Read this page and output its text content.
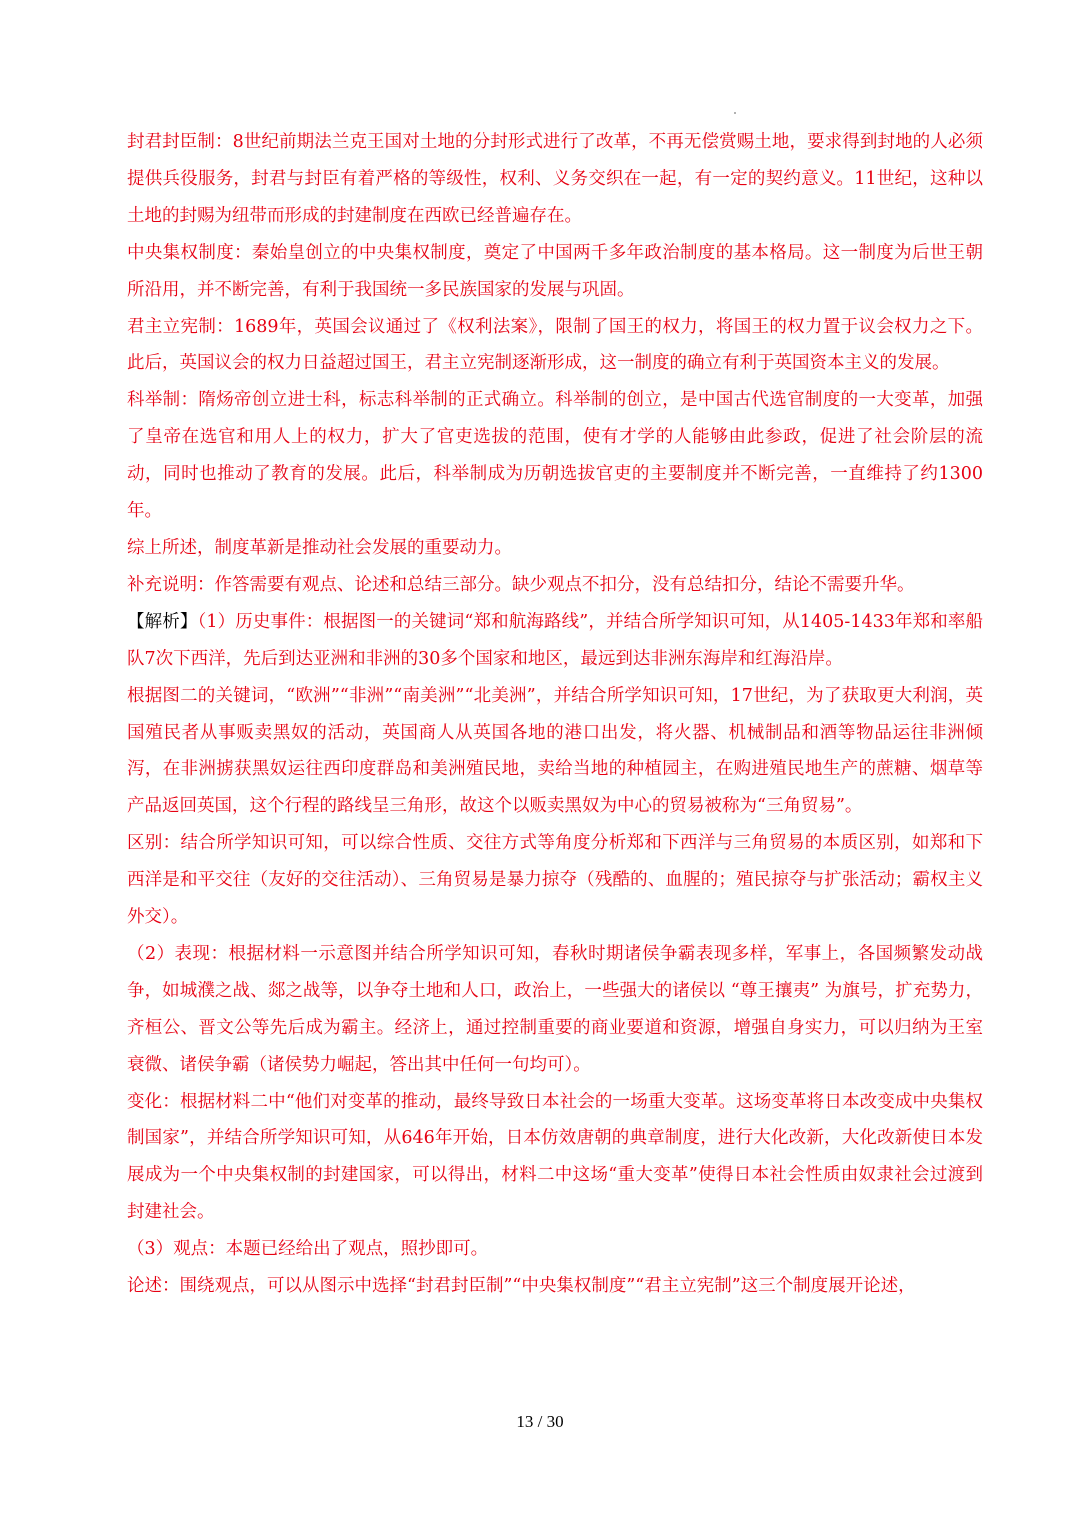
封君封臣制：8世纪前期法兰克王国对土地的分封形式进行了改革，不再无偿赏赐土地，要求得到封地的人必须提供兵役服务，封君与封臣有着严格的等级性，权利、义务交织在一起，有一定的契约意义。11世纪，这种以土地的封赐为纽带而形成的封建制度在西欧已经普遍存在。

中央集权制度：秦始皇创立的中央集权制度，奠定了中国两千多年政治制度的基本格局。这一制度为后世王朝所沿用，并不断完善，有利于我国统一多民族国家的发展与巩固。

君主立宪制：1689年，英国会议通过了《权利法案》，限制了国王的权力，将国王的权力置于议会权力之下。此后，英国议会的权力日益超过国王，君主立宪制逐渐形成，这一制度的确立有利于英国资本主义的发展。

科举制：隋炀帝创立进士科，标志科举制的正式确立。科举制的创立，是中国古代选官制度的一大变革，加强了皇帝在选官和用人上的权力，扩大了官吏选拔的范围，使有才学的人能够由此参政，促进了社会阶层的流动，同时也推动了教育的发展。此后，科举制成为历朝选拔官吏的主要制度并不断完善，一直维持了约1300年。

综上所述，制度革新是推动社会发展的重要动力。

补充说明：作答需要有观点、论述和总结三部分。缺少观点不扣分，没有总结扣分，结论不需要升华。

【解析】（1）历史事件：根据图一的关键词“郑和航海路线”，并结合所学知识可知，从1405-1433年郑和率船队7次下西洋，先后到达亚洲和非洲的30多个国家和地区，最远到达非洲东海岸和红海沿岸。

根据图二的关键词，“欧洲”“非洲”“南美洲”“北美洲”，并结合所学知识可知，17世纪，为了获取更大利润，英国殖民者从事贩卖黑奴的活动，英国商人从英国各地的港口出发，将火器、机械制品和酒等物品运往非洲倾泻，在非洲掳获黑奴运往西印度群岛和美洲殖民地，卖给当地的种植园主，在购进殖民地生产的蔗糖、烟草等产品返回英国，这个行程的路线呈三角形，故这个以贩卖黑奴为中心的贸易被称为“三角贸易”。

区别：结合所学知识可知，可以综合性质、交往方式等角度分析郑和下西洋与三角贸易的本质区别，如郑和下西洋是和平交往（友好的交往活动）、三角贸易是暴力掠夺（残酷的、血腥的；殖民掠夺与扩张活动；霸权主义外交）。

（2）表现：根据材料一示意图并结合所学知识可知，春秋时期诸侯争霸表现多样，军事上，各国频繁发动战争，如城濮之战、郯之战等，以争夺土地和人口，政治上，一些强大的诸侯以 “尊王攘夷” 为旗号，扩充势力，齐桓公、晋文公等先后成为霸主。经济上，通过控制重要的商业要道和资源，增强自身实力，可以归纳为王室衰微、诸侯争霸（诸侯势力崛起，答出其中任何一句均可）。

变化：根据材料二中“他们对变革的推动，最终导致日本社会的一场重大变革。这场变革将日本改变成中央集权制国家”，并结合所学知识可知，从646年开始，日本仿效唐朝的典章制度，进行大化改新，大化改新使日本发展成为一个中央集权制的封建国家，可以得出，材料二中这场“重大变革”使得日本社会性质由奴隶社会过渡到封建社会。

（3）观点：本题已经给出了观点，照抄即可。

论述：围绕观点，可以从图示中选择“封君封臣制”“中央集权制度”“君主立宪制”这三个制度展开论述，

13 / 30
